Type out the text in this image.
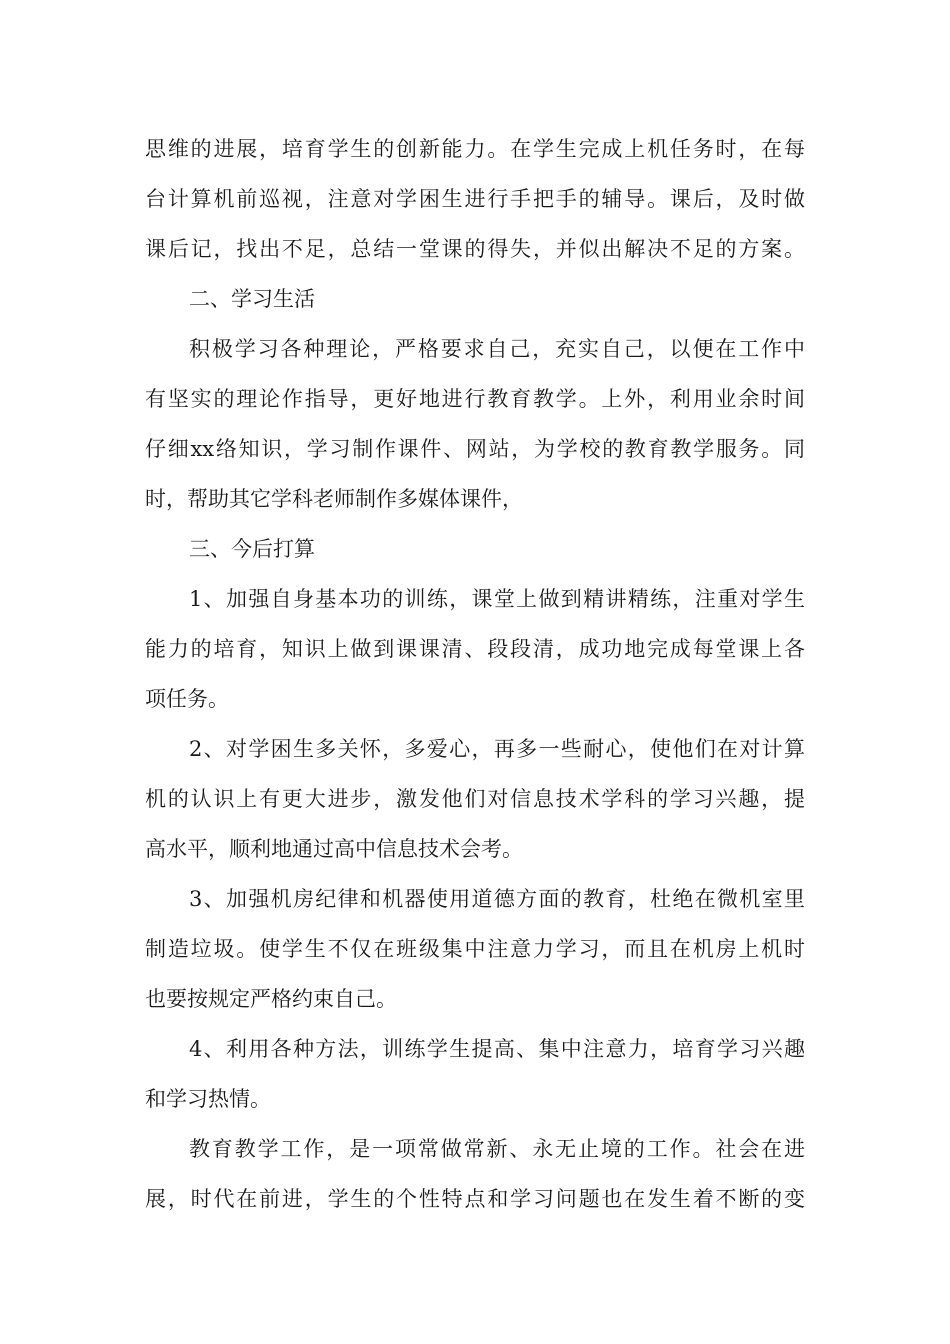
思维的进展，培育学生的创新能力。在学生完成上机任务时，在每
台计算机前巡视，注意对学困生进行手把手的辅导。课后，及时做
课后记，找出不足，总结一堂课的得失，并似出解决不足的方案。
二、学习生活
积极学习各种理论，严格要求自己，充实自己，以便在工作中
有坚实的理论作指导，更好地进行教育教学。上外，利用业余时间
仔细xx络知识，学习制作课件、网站，为学校的教育教学服务。同
时，帮助其它学科老师制作多媒体课件，
三、今后打算
1、加强自身基本功的训练，课堂上做到精讲精练，注重对学生
能力的培育，知识上做到课课清、段段清，成功地完成每堂课上各
项任务。
2、对学困生多关怀，多爱心，再多一些耐心，使他们在对计算
机的认识上有更大进步，激发他们对信息技术学科的学习兴趣，提
高水平，顺利地通过高中信息技术会考。
3、加强机房纪律和机器使用道德方面的教育，杜绝在微机室里
制造垃圾。使学生不仅在班级集中注意力学习，而且在机房上机时
也要按规定严格约束自己。
4、利用各种方法，训练学生提高、集中注意力，培育学习兴趣
和学习热情。
教育教学工作，是一项常做常新、永无止境的工作。社会在进
展，时代在前进，学生的个性特点和学习问题也在发生着不断的变
